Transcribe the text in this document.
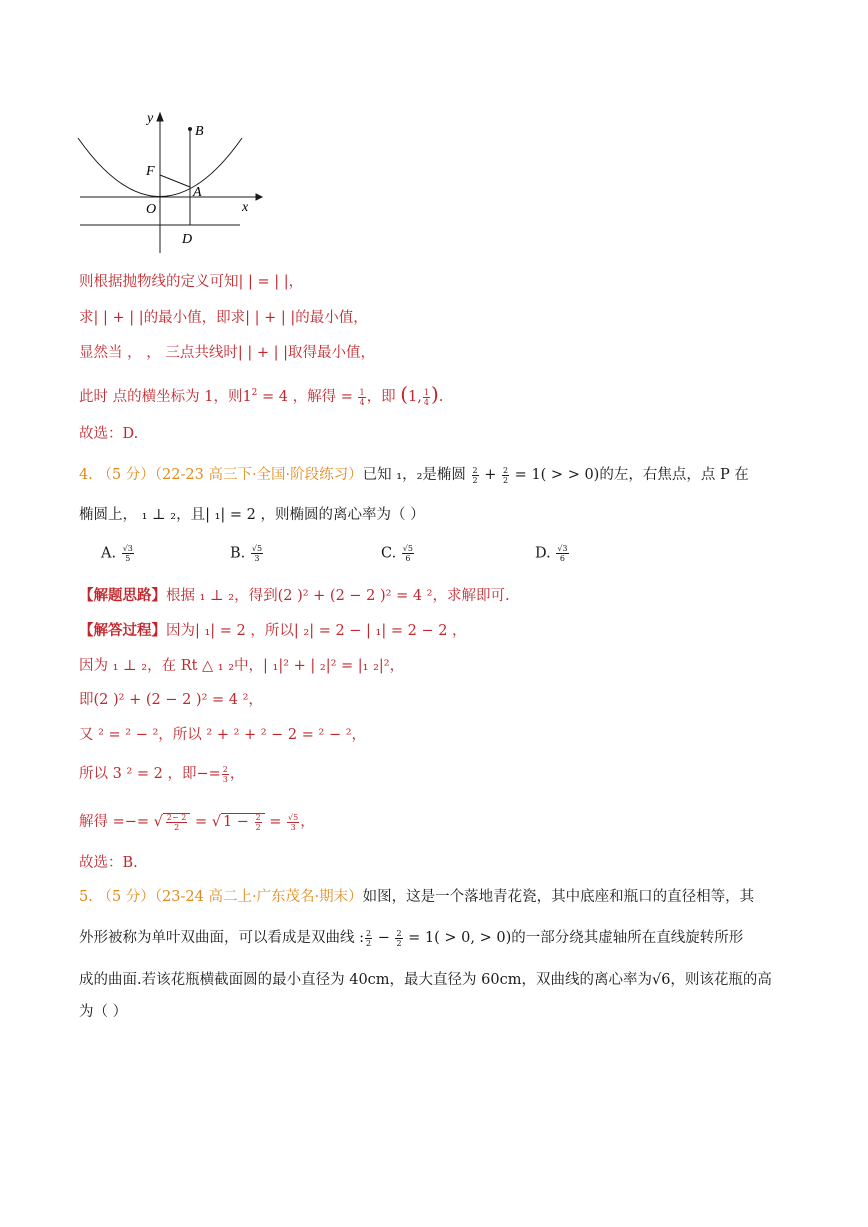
y
x
O
F
A
B
D
则根据抛物线的定义可知| | = | |，
求| | + | |的最小值，即求| | + | |的最小值，
显然当 ， ， 三点共线时| | + | |取得最小值，
此时 点的横坐标为 1，则$1^2 = 4$ ，解得 = $\frac{1}{4}$ ，即 (1, $\frac{1}{4}$ ).
故选：D.
4. （5 分）（22-23 高三下·全国·阶段练习）已知 ₁，₂是椭圆 $\frac{2}{2} + \frac{2}{2} = 1$( > > 0)的左，右焦点，点 P 在
椭圆上， ₁ ⊥ ₂，且| ₁| = 2 ，则椭圆的离心率为（ ）
A. $\frac{√3}{5}$	B. $\frac{√5}{3}$	C. $\frac{√5}{6}$	D. $\frac{√3}{6}$
【解题思路】根据 ₁ ⊥ ₂，得到(2 )² + (2 − 2 )² = 4 ²，求解即可.
【解答过程】因为| ₁| = 2 ，所以| ₂| = 2 − | ₁| = 2 − 2 ，
因为 ₁ ⊥ ₂，在 Rt △ ₁ ₂中，| ₁|² + | ₂|² = |₁ ₂|²，
即(2 )² + (2 − 2 )² = 4 ²，
又 ² = ² − ²，所以 ² + ² + ² − 2 = ² − ²，
所以 3 ² = 2 ，即−= $\frac{2}{3}$ ，
解得 =−= √ $\frac{2- 2}{2}$ = √ $1 - \frac{2}{2} = \frac{√5}{3}$ ，
故选：B.
5. （5 分）（23-24 高二上·广东茂名·期末）如图，这是一个落地青花瓷，其中底座和瓶口的直径相等，其
外形被称为单叶双曲面，可以看成是双曲线 : $\frac{2}{2} - \frac{2}{2} = 1( > 0$, > 0)的一部分绕其虚轴所在直线旋转所形
成的曲面.若该花瓶横截面圆的最小直径为 40cm，最大直径为 60cm，双曲线的离心率为√6，则该花瓶的高
为（ ）
